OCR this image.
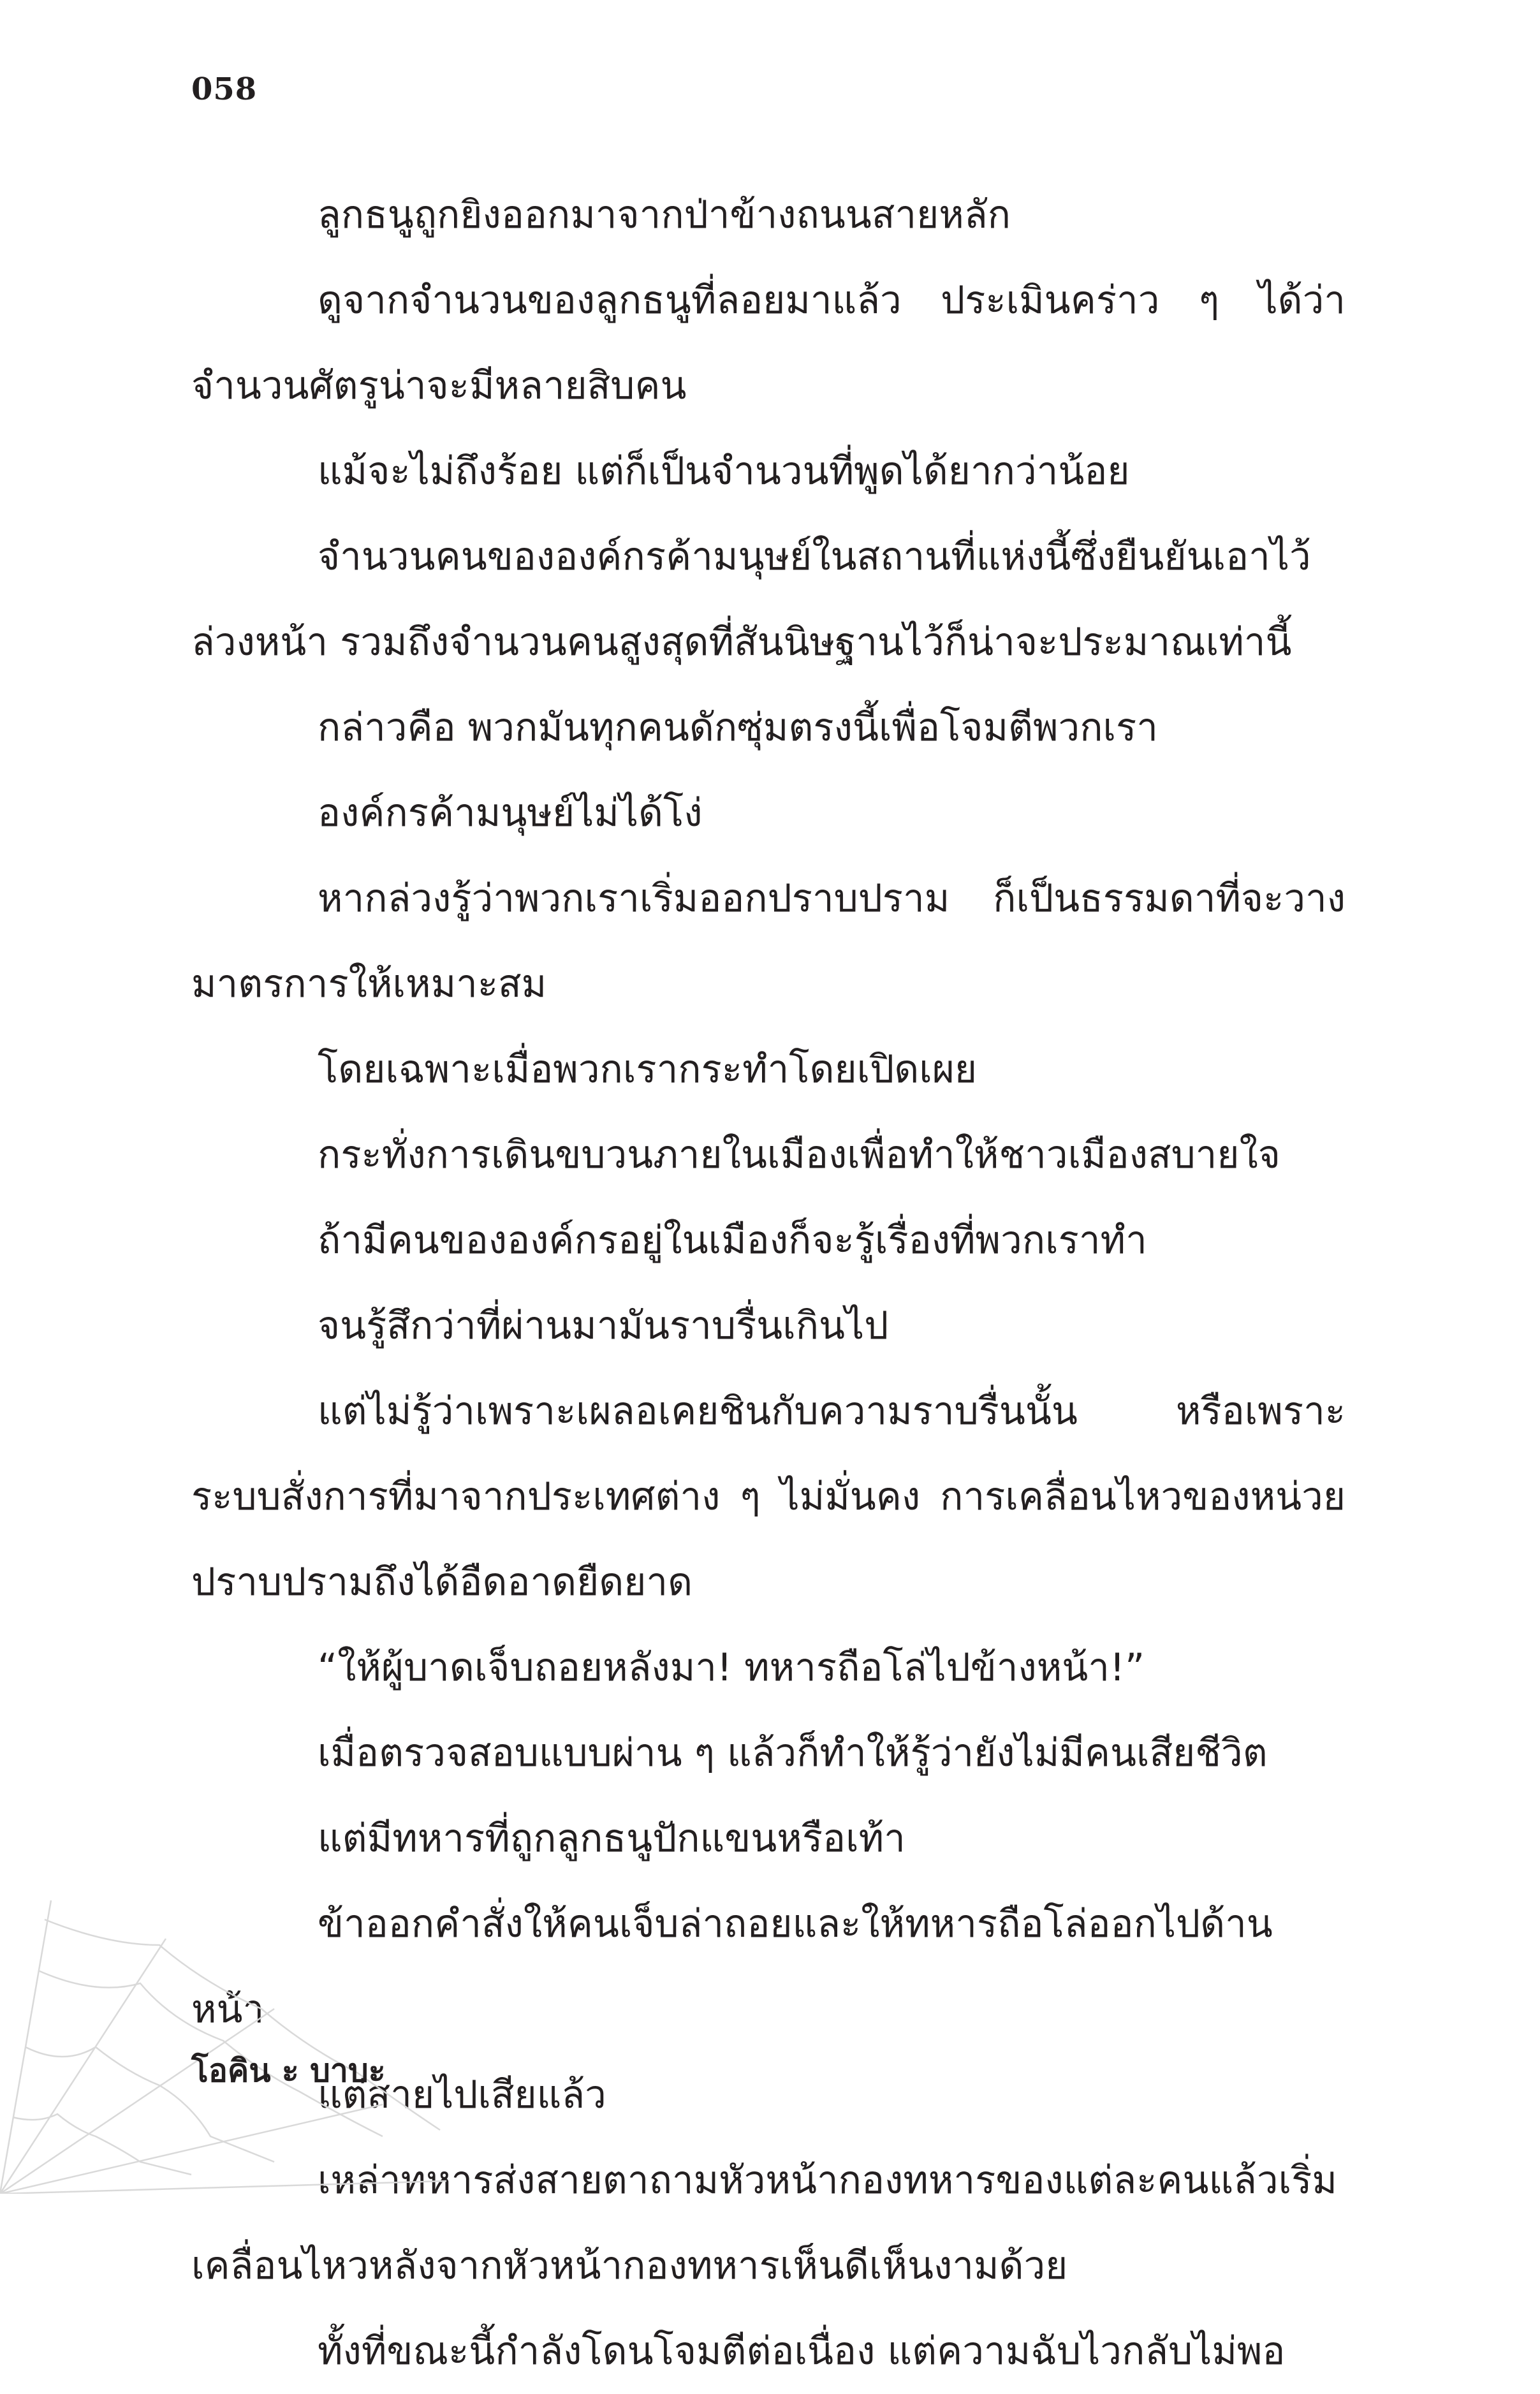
058

ลูกธนูถูกยิงออกมาจากป่าข้างถนนสายหลัก

ดูจากจำนวนของลูกธนูที่ลอยมาแล้ว ประเมินคร่าว ๆ ได้ว่าจำนวนศัตรูน่าจะมีหลายสิบคน

แม้จะไม่ถึงร้อย แต่ก็เป็นจำนวนที่พูดได้ยากว่าน้อย

จำนวนคนขององค์กรค้ามนุษย์ในสถานที่แห่งนี้ซึ่งยืนยันเอาไว้ล่วงหน้า รวมถึงจำนวนคนสูงสุดที่สันนิษฐานไว้ก็น่าจะประมาณเท่านี้

กล่าวคือ พวกมันทุกคนดักซุ่มตรงนี้เพื่อโจมตีพวกเรา

องค์กรค้ามนุษย์ไม่ได้โง่

หากล่วงรู้ว่าพวกเราเริ่มออกปราบปราม ก็เป็นธรรมดาที่จะวางมาตรการให้เหมาะสม

โดยเฉพาะเมื่อพวกเรากระทำโดยเปิดเผย

กระทั่งการเดินขบวนภายในเมืองเพื่อทำให้ชาวเมืองสบายใจ

ถ้ามีคนขององค์กรอยู่ในเมืองก็จะรู้เรื่องที่พวกเราทำ

จนรู้สึกว่าที่ผ่านมามันราบรื่นเกินไป

แต่ไม่รู้ว่าเพราะเผลอเคยชินกับความราบรื่นนั้น หรือเพราะระบบสั่งการที่มาจากประเทศต่าง ๆ ไม่มั่นคง การเคลื่อนไหวของหน่วยปราบปรามถึงได้อืดอาดยืดยาด

“ให้ผู้บาดเจ็บถอยหลังมา! ทหารถือโล่ไปข้างหน้า!”

เมื่อตรวจสอบแบบผ่าน ๆ แล้วก็ทำให้รู้ว่ายังไม่มีคนเสียชีวิต

แต่มีทหารที่ถูกลูกธนูปักแขนหรือเท้า

ข้าออกคำสั่งให้คนเจ็บล่าถอยและให้ทหารถือโล่ออกไปด้านหน้า

แต่สายไปเสียแล้ว

เหล่าทหารส่งสายตาถามหัวหน้ากองทหารของแต่ละคนแล้วเริ่มเคลื่อนไหวหลังจากหัวหน้ากองทหารเห็นดีเห็นงามด้วย

ทั้งที่ขณะนี้กำลังโดนโจมตีต่อเนื่อง แต่ความฉับไวกลับไม่พอ

โอคิน ะ บาบะ
